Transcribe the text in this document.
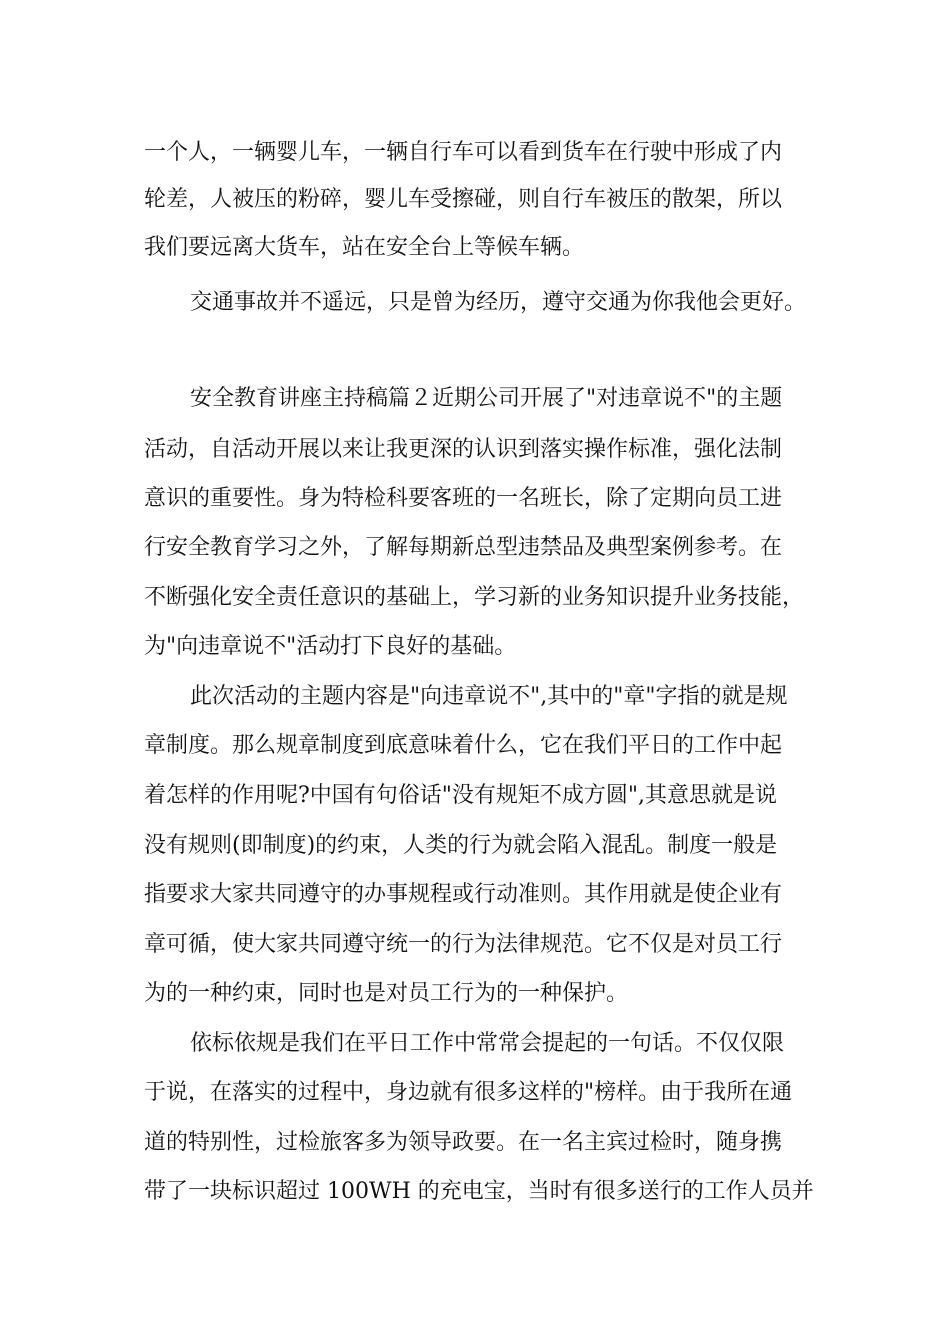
一个人，一辆婴儿车，一辆自行车可以看到货车在行驶中形成了内

轮差，人被压的粉碎，婴儿车受擦碰，则自行车被压的散架，所以

我们要远离大货车，站在安全台上等候车辆。

交通事故并不遥远，只是曾为经历，遵守交通为你我他会更好。

安全教育讲座主持稿篇２近期公司开展了"对违章说不"的主题

活动，自活动开展以来让我更深的认识到落实操作标准，强化法制

意识的重要性。身为特检科要客班的一名班长，除了定期向员工进

行安全教育学习之外，了解每期新总型违禁品及典型案例参考。在

不断强化安全责任意识的基础上，学习新的业务知识提升业务技能，

为"向违章说不"活动打下良好的基础。

此次活动的主题内容是"向违章说不",其中的"章"字指的就是规

章制度。那么规章制度到底意味着什么，它在我们平日的工作中起

着怎样的作用呢?中国有句俗话"没有规矩不成方圆",其意思就是说

没有规则(即制度)的约束，人类的行为就会陷入混乱。制度一般是

指要求大家共同遵守的办事规程或行动准则。其作用就是使企业有

章可循，使大家共同遵守统一的行为法律规范。它不仅是对员工行

为的一种约束，同时也是对员工行为的一种保护。

依标依规是我们在平日工作中常常会提起的一句话。不仅仅限

于说，在落实的过程中，身边就有很多这样的"榜样。由于我所在通

道的特别性，过检旅客多为领导政要。在一名主宾过检时，随身携

带了一块标识超过 100WH 的充电宝，当时有很多送行的工作人员并
